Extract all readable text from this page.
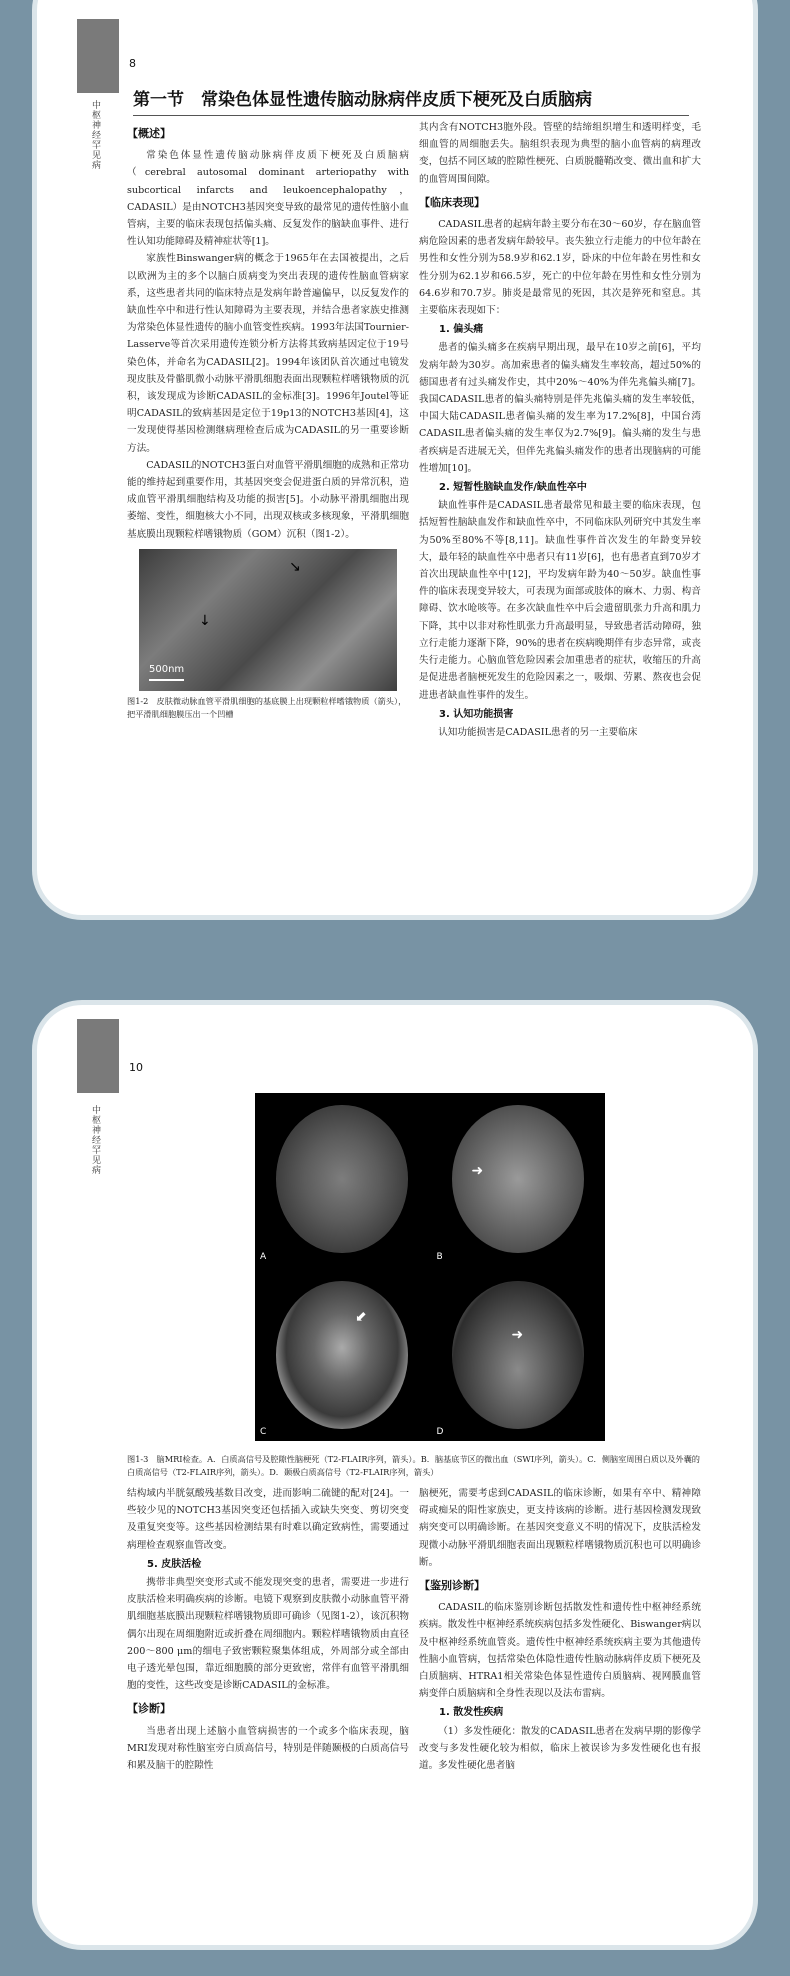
8
中枢神经罕见病 第一节　常染色体显性遗传脑动脉病伴皮质下梗死及白质脑病
【概述】

常染色体显性遗传脑动脉病伴皮质下梗死及白质脑病（cerebral autosomal dominant arteriopathy with subcortical infarcts and leukoencephalopathy，CADASIL）是由NOTCH3基因突变导致的最常见的遗传性脑小血管病，主要的临床表现包括偏头痛、反复发作的脑缺血事件、进行性认知功能障碍及精神症状等[1]。

家族性Binswanger病的概念于1965年在去国被提出，之后以欧洲为主的多个以脑白质病变为突出表现的遗传性脑血管病家系，这些患者共同的临床特点是发病年龄普遍偏早，以反复发作的缺血性卒中和进行性认知障碍为主要表现，并结合患者家族史推测为常染色体显性遗传的脑小血管变性疾病。1993年法国Tournier-Lasserve等首次采用遗传连锁分析方法将其致病基因定位于19号染色体，并命名为CADASIL[2]。1994年该团队首次通过电镜发现皮肤及骨骼肌微小动脉平滑肌细胞表面出现颗粒样嗜锇物质的沉积，该发现成为诊断CADASIL的金标准[3]。1996年Joutel等证明CADASIL的致病基因是定位于19p13的NOTCH3基因[4]，这一发现使得基因检测继病理检查后成为CADASIL的另一重要诊断方法。

CADASIL的NOTCH3蛋白对血管平滑肌细胞的成熟和正常功能的维持起到重要作用，其基因突变会促进蛋白质的异常沉积，造成血管平滑肌细胞结构及功能的损害[5]。小动脉平滑肌细胞出现萎缩、变性，细胞核大小不同，出现双核或多核现象，平滑肌细胞基底膜出现颗粒样嗜锇物质（GOM）沉积（图1-2）。

↘
↓
500nm
图1-2　皮肤微动脉血管平滑肌细胞的基底膜上出现颗粒样嗜锇物质（箭头），把平滑肌细胞膜压出一个凹槽

其内含有NOTCH3胞外段。管壁的结缔组织增生和透明样变，毛细血管的周细胞丢失。脑组织表现为典型的脑小血管病的病理改变，包括不同区域的腔隙性梗死、白质脱髓鞘改变、微出血和扩大的血管周围间隙。

【临床表现】

CADASIL患者的起病年龄主要分布在30～60岁，存在脑血管病危险因素的患者发病年龄较早。丧失独立行走能力的中位年龄在男性和女性分别为58.9岁和62.1岁，卧床的中位年龄在男性和女性分别为62.1岁和66.5岁，死亡的中位年龄在男性和女性分别为64.6岁和70.7岁。肺炎是最常见的死因，其次是猝死和窒息。其主要临床表现如下：

1. 偏头痛

患者的偏头痛多在疾病早期出现，最早在10岁之前[6]，平均发病年龄为30岁。高加索患者的偏头痛发生率较高，超过50%的德国患者有过头痛发作史，其中20%～40%为伴先兆偏头痛[7]。我国CADASIL患者的偏头痛特别是伴先兆偏头痛的发生率较低，中国大陆CADASIL患者偏头痛的发生率为17.2%[8]，中国台湾CADASIL患者偏头痛的发生率仅为2.7%[9]。偏头痛的发生与患者疾病是否进展无关，但伴先兆偏头痛发作的患者出现脑病的可能性增加[10]。

2. 短暂性脑缺血发作/缺血性卒中

缺血性事件是CADASIL患者最常见和最主要的临床表现，包括短暂性脑缺血发作和缺血性卒中，不同临床队列研究中其发生率为50%至80%不等[8,11]。缺血性事件首次发生的年龄变异较大，最年轻的缺血性卒中患者只有11岁[6]，也有患者直到70岁才首次出现缺血性卒中[12]，平均发病年龄为40～50岁。缺血性事件的临床表现变异较大，可表现为面部或肢体的麻木、力弱、构音障碍、饮水呛咳等。在多次缺血性卒中后会遗留肌张力升高和肌力下降，其中以非对称性肌张力升高最明显，导致患者活动障碍，独立行走能力逐渐下降，90%的患者在疾病晚期伴有步态异常，或丧失行走能力。心脑血管危险因素会加重患者的症状，收缩压的升高是促进患者脑梗死发生的危险因素之一，吸烟、劳累、熬夜也会促进患者缺血性事件的发生。

3. 认知功能损害

认知功能损害是CADASIL患者的另一主要临床

10
中枢神经罕见病
A
➜
B
⬋
C
➜
D
图1-3　脑MRI检查。A．白质高信号及腔隙性脑梗死（T2-FLAIR序列，箭头）。B．脑基底节区的微出血（SWI序列，箭头）。C．侧脑室周围白质以及外囊的白质高信号（T2-FLAIR序列，箭头）。D．颞极白质高信号（T2-FLAIR序列，箭头）

结构域内半胱氨酸残基数目改变，进而影响二硫键的配对[24]。一些较少见的NOTCH3基因突变还包括插入或缺失突变、剪切突变及重复突变等。这些基因检测结果有时难以确定致病性，需要通过病理检查观察血管改变。

5. 皮肤活检

携带非典型突变形式或不能发现突变的患者，需要进一步进行皮肤活检来明确疾病的诊断。电镜下观察到皮肤微小动脉血管平滑肌细胞基底膜出现颗粒样嗜锇物质即可确诊（见图1-2），该沉积物偶尔出现在周细胞附近或折叠在周细胞内。颗粒样嗜锇物质由直径200～800 μm的细电子致密颗粒聚集体组成，外周部分或全部由电子透光晕包围，靠近细胞膜的部分更致密，常伴有血管平滑肌细胞的变性，这些改变是诊断CADASIL的金标准。

【诊断】

当患者出现上述脑小血管病损害的一个或多个临床表现，脑MRI发现对称性脑室旁白质高信号，特别是伴随颞极的白质高信号和累及脑干的腔隙性

脑梗死，需要考虑到CADASIL的临床诊断，如果有卒中、精神障碍或痴呆的阳性家族史，更支持该病的诊断。进行基因检测发现致病突变可以明确诊断。在基因突变意义不明的情况下，皮肤活检发现微小动脉平滑肌细胞表面出现颗粒样嗜锇物质沉积也可以明确诊断。

【鉴别诊断】

CADASIL的临床鉴别诊断包括散发性和遗传性中枢神经系统疾病。散发性中枢神经系统疾病包括多发性硬化、Biswanger病以及中枢神经系统血管炎。遗传性中枢神经系统疾病主要为其他遗传性脑小血管病，包括常染色体隐性遗传性脑动脉病伴皮质下梗死及白质脑病、HTRA1相关常染色体显性遗传白质脑病、视网膜血管病变伴白质脑病和全身性表现以及法布雷病。

1. 散发性疾病

（1）多发性硬化：散发的CADASIL患者在发病早期的影像学改变与多发性硬化较为相似，临床上被误诊为多发性硬化也有报道。多发性硬化患者脑
